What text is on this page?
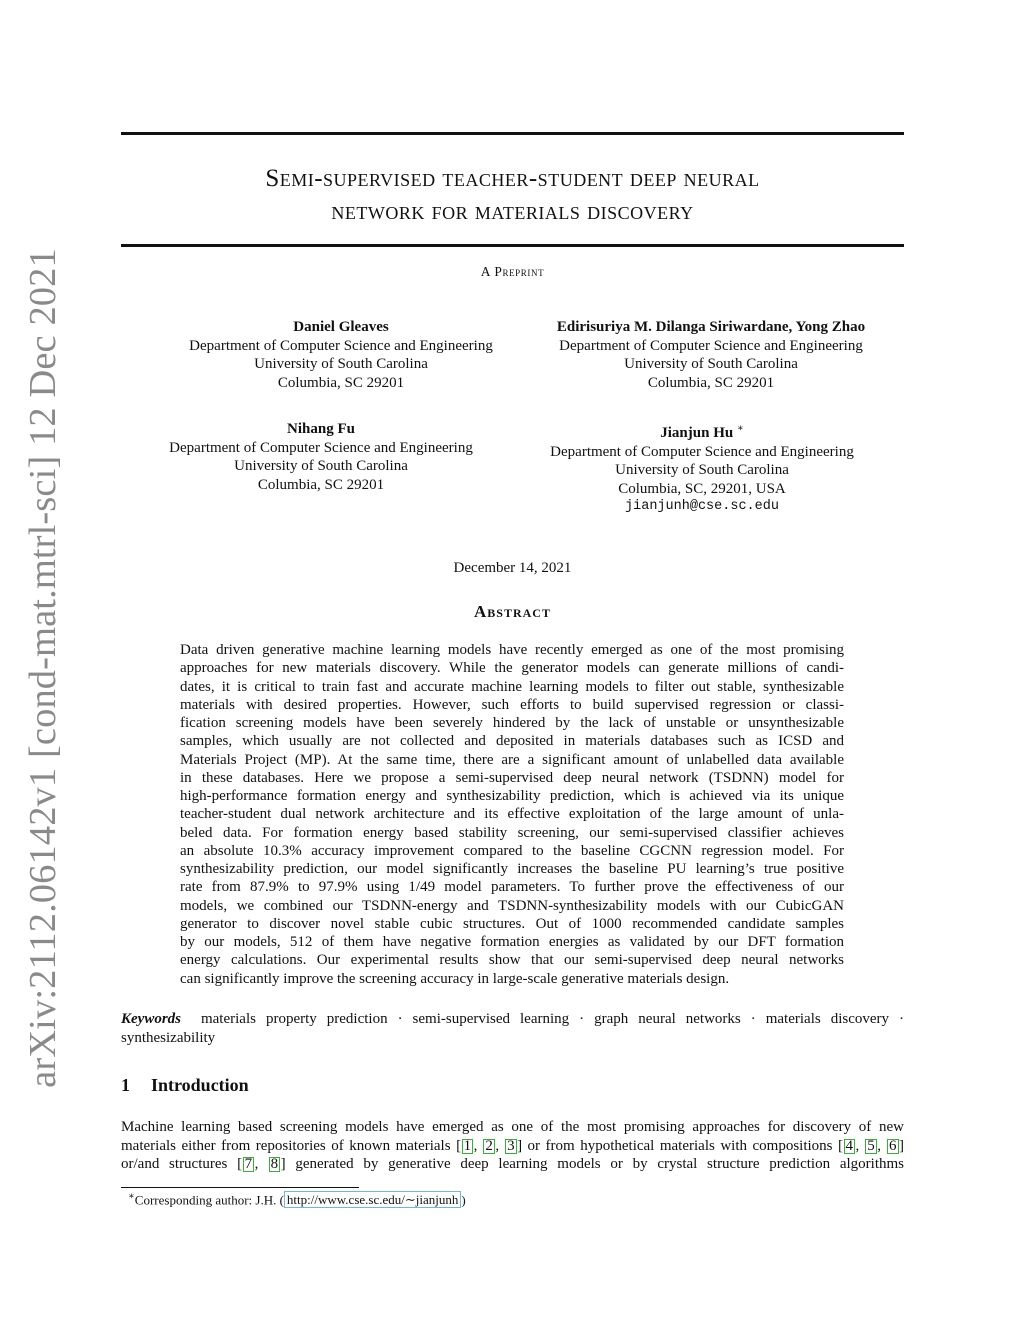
arXiv:2112.06142v1 [cond-mat.mtrl-sci] 12 Dec 2021
Semi-supervised teacher-student deep neural
network for materials discovery
A Preprint
Daniel Gleaves
Department of Computer Science and Engineering
University of South Carolina
Columbia, SC 29201
Edirisuriya M. Dilanga Siriwardane, Yong Zhao
Department of Computer Science and Engineering
University of South Carolina
Columbia, SC 29201
Nihang Fu
Department of Computer Science and Engineering
University of South Carolina
Columbia, SC 29201
Jianjun Hu ∗
Department of Computer Science and Engineering
University of South Carolina
Columbia, SC, 29201, USA
jianjunh@cse.sc.edu
December 14, 2021
Abstract
Data driven generative machine learning models have recently emerged as one of the most promising
approaches for new materials discovery. While the generator models can generate millions of candi-
dates, it is critical to train fast and accurate machine learning models to filter out stable, synthesizable
materials with desired properties. However, such efforts to build supervised regression or classi-
fication screening models have been severely hindered by the lack of unstable or unsynthesizable
samples, which usually are not collected and deposited in materials databases such as ICSD and
Materials Project (MP). At the same time, there are a significant amount of unlabelled data available
in these databases. Here we propose a semi-supervised deep neural network (TSDNN) model for
high-performance formation energy and synthesizability prediction, which is achieved via its unique
teacher-student dual network architecture and its effective exploitation of the large amount of unla-
beled data. For formation energy based stability screening, our semi-supervised classifier achieves
an absolute 10.3% accuracy improvement compared to the baseline CGCNN regression model. For
synthesizability prediction, our model significantly increases the baseline PU learning’s true positive
rate from 87.9% to 97.9% using 1/49 model parameters. To further prove the effectiveness of our
models, we combined our TSDNN-energy and TSDNN-synthesizability models with our CubicGAN
generator to discover novel stable cubic structures. Out of 1000 recommended candidate samples
by our models, 512 of them have negative formation energies as validated by our DFT formation
energy calculations. Our experimental results show that our semi-supervised deep neural networks
can significantly improve the screening accuracy in large-scale generative materials design.
Keywords materials property prediction · semi-supervised learning · graph neural networks · materials discovery ·
synthesizability
1 Introduction
Machine learning based screening models have emerged as one of the most promising approaches for discovery of new
materials either from repositories of known materials [ 1 , 2 , 3 ] or from hypothetical materials with compositions [ 4 , 5 , 6 ]
or/and structures [ 7 , 8 ] generated by generative deep learning models or by crystal structure prediction algorithms
∗Corresponding author: J.H. ( http://www.cse.sc.edu/∼jianjunh )
